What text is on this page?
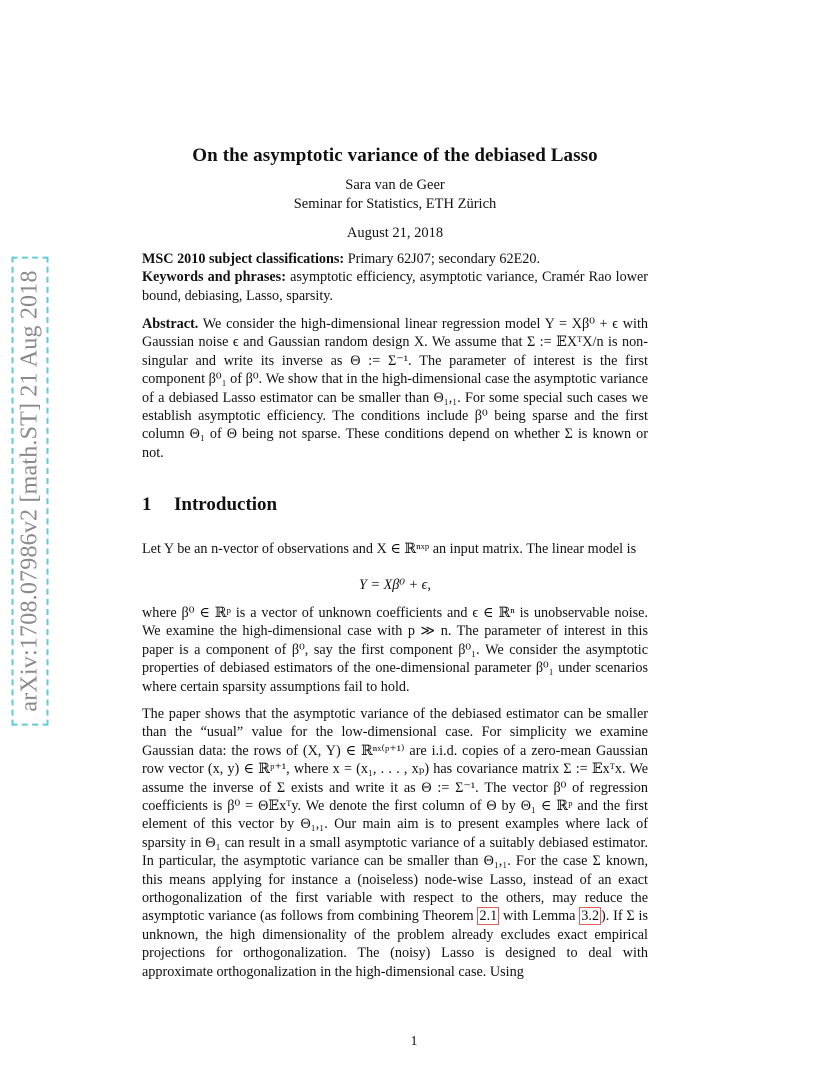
arXiv:1708.07986v2 [math.ST] 21 Aug 2018
On the asymptotic variance of the debiased Lasso
Sara van de Geer
Seminar for Statistics, ETH Zürich
August 21, 2018
MSC 2010 subject classifications: Primary 62J07; secondary 62E20.
Keywords and phrases: asymptotic efficiency, asymptotic variance, Cramér Rao lower bound, debiasing, Lasso, sparsity.
Abstract. We consider the high-dimensional linear regression model Y = Xβ⁰ + ϵ with Gaussian noise ϵ and Gaussian random design X. We assume that Σ := 𝔼XᵀX/n is non-singular and write its inverse as Θ := Σ⁻¹. The parameter of interest is the first component β⁰₁ of β⁰. We show that in the high-dimensional case the asymptotic variance of a debiased Lasso estimator can be smaller than Θ₁,₁. For some special such cases we establish asymptotic efficiency. The conditions include β⁰ being sparse and the first column Θ₁ of Θ being not sparse. These conditions depend on whether Σ is known or not.
1 Introduction
Let Y be an n-vector of observations and X ∈ ℝⁿˣᵖ an input matrix. The linear model is
Y = Xβ⁰ + ϵ,
where β⁰ ∈ ℝᵖ is a vector of unknown coefficients and ϵ ∈ ℝⁿ is unobservable noise. We examine the high-dimensional case with p ≫ n. The parameter of interest in this paper is a component of β⁰, say the first component β⁰₁. We consider the asymptotic properties of debiased estimators of the one-dimensional parameter β⁰₁ under scenarios where certain sparsity assumptions fail to hold.
The paper shows that the asymptotic variance of the debiased estimator can be smaller than the “usual” value for the low-dimensional case. For simplicity we examine Gaussian data: the rows of (X, Y) ∈ ℝⁿˣ⁽ᵖ⁺¹⁾ are i.i.d. copies of a zero-mean Gaussian row vector (x, y) ∈ ℝᵖ⁺¹, where x = (x₁, . . . , xₚ) has covariance matrix Σ := 𝔼xᵀx. We assume the inverse of Σ exists and write it as Θ := Σ⁻¹. The vector β⁰ of regression coefficients is β⁰ = Θ𝔼xᵀy. We denote the first column of Θ by Θ₁ ∈ ℝᵖ and the first element of this vector by Θ₁,₁. Our main aim is to present examples where lack of sparsity in Θ₁ can result in a small asymptotic variance of a suitably debiased estimator. In particular, the asymptotic variance can be smaller than Θ₁,₁. For the case Σ known, this means applying for instance a (noiseless) node-wise Lasso, instead of an exact orthogonalization of the first variable with respect to the others, may reduce the asymptotic variance (as follows from combining Theorem 2.1 with Lemma 3.2 ). If Σ is unknown, the high dimensionality of the problem already excludes exact empirical projections for orthogonalization. The (noisy) Lasso is designed to deal with approximate orthogonalization in the high-dimensional case. Using
1
